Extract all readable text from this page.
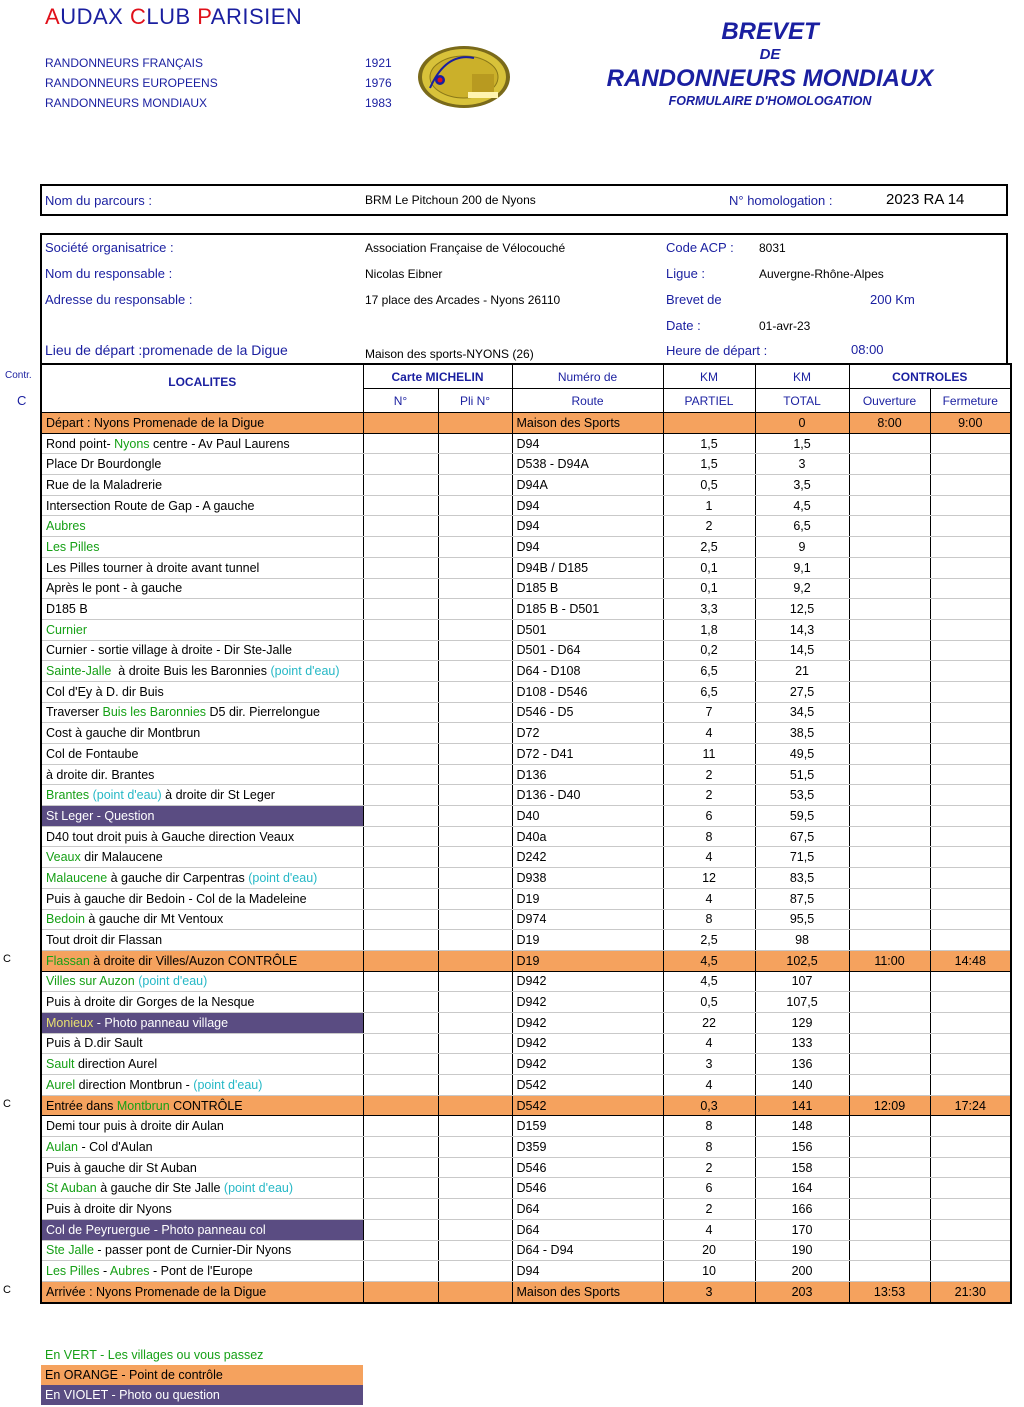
AUDAX CLUB PARISIEN
RANDONNEURS FRANÇAIS	1921
RANDONNEURS EUROPEENS	1976
RANDONNEURS MONDIAUX	1983
BREVET
DE
RANDONNEURS MONDIAUX
FORMULAIRE D'HOMOLOGATION
Nom du parcours :	BRM Le Pitchoun 200 de Nyons	N° homologation :	2023 RA 14
Société organisatrice :	Association Française de Vélocouché	Code ACP : 8031
Nom du responsable :	Nicolas Eibner	Ligue :	Auvergne-Rhône-Alpes
Adresse du responsable :	17 place des Arcades - Nyons 26110	Brevet de	200 Km
Date :	01-avr-23
Lieu de départ :promenade de la Digue	Maison des sports-NYONS (26)	Heure de départ :	08:00
Contr.
C
LOCALITES	Carte MICHELIN		Numéro de	KM	KM	CONTROLES	
	N°	Pli N°	Route	PARTIEL	TOTAL	Ouverture	Fermeture
Départ : Nyons Promenade de la Digue			Maison des Sports		0	8:00	9:00
Rond point- Nyons centre - Av Paul Laurens			D94	1,5	1,5		
Place Dr Bourdongle			D538 - D94A	1,5	3		
Rue de la Maladrerie			D94A	0,5	3,5		
Intersection Route de Gap - A gauche			D94	1	4,5		
Aubres			D94	2	6,5		
Les Pilles			D94	2,5	9		
Les Pilles tourner à droite avant tunnel			D94B / D185	0,1	9,1		
Après le pont - à gauche			D185 B	0,1	9,2		
D185 B			D185 B - D501	3,3	12,5		
Curnier			D501	1,8	14,3		
Curnier - sortie village à droite - Dir Ste-Jalle			D501 - D64	0,2	14,5		
Sainte-Jalle  à droite Buis les Baronnies (point d'eau)			D64 - D108	6,5	21		
Col d'Ey à D. dir Buis			D108 - D546	6,5	27,5		
Traverser Buis les Baronnies D5 dir. Pierrelongue			D546 - D5	7	34,5		
Cost à gauche dir Montbrun			D72	4	38,5		
Col de Fontaube			D72 - D41	11	49,5		
à droite dir. Brantes			D136	2	51,5		
Brantes (point d'eau) à droite dir St Leger			D136 - D40	2	53,5		
St Leger - Question			D40	6	59,5		
D40 tout droit puis à Gauche direction Veaux			D40a	8	67,5		
Veaux dir Malaucene			D242	4	71,5		
Malaucene à gauche dir Carpentras (point d'eau)			D938	12	83,5		
Puis à gauche dir Bedoin - Col de la Madeleine			D19	4	87,5		
Bedoin à gauche dir Mt Ventoux			D974	8	95,5		
Tout droit dir Flassan			D19	2,5	98		
Flassan à droite dir Villes/Auzon CONTRÔLE			D19	4,5	102,5	11:00	14:48
Villes sur Auzon (point d'eau)			D942	4,5	107		
Puis à droite dir Gorges de la Nesque			D942	0,5	107,5		
Monieux - Photo panneau village			D942	22	129		
Puis à D.dir Sault			D942	4	133		
Sault direction Aurel			D942	3	136		
Aurel direction Montbrun - (point d'eau)			D542	4	140		
Entrée dans Montbrun CONTRÔLE			D542	0,3	141	12:09	17:24
Demi tour puis à droite dir Aulan			D159	8	148		
Aulan - Col d'Aulan			D359	8	156		
Puis à gauche dir St Auban			D546	2	158		
St Auban à gauche dir Ste Jalle (point d'eau)			D546	6	164		
Puis à droite dir Nyons			D64	2	166		
Col de Peyruergue - Photo panneau col			D64	4	170		
Ste Jalle - passer pont de Curnier-Dir Nyons			D64 - D94	20	190		
Les Pilles - Aubres - Pont de l'Europe			D94	10	200		
Arrivée : Nyons Promenade de la Digue			Maison des Sports	3	203	13:53	21:30
C
C
C
En VERT - Les villages ou vous passez
En ORANGE - Point de contrôle
En VIOLET - Photo ou question
